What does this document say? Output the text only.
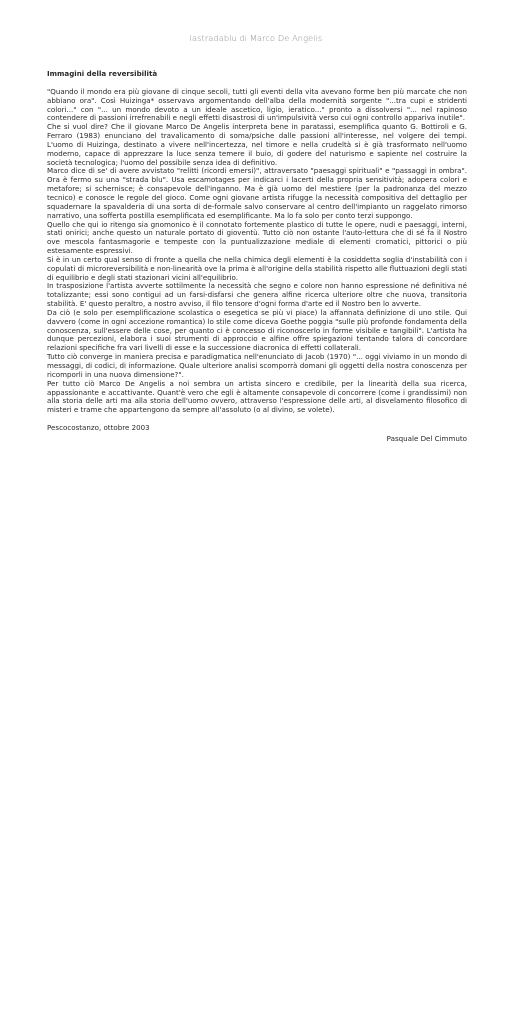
lastradablu di Marco De Angelis
Immagini della reversibilità

"Quando il mondo era più giovane di cinque secoli, tutti gli eventi della vita avevano forme ben più marcate che non abbiano ora". Così Huizinga* osservava argomentando dell'alba della modernità sorgente "...tra cupi e stridenti colori..." con "... un mondo devoto a un ideale ascetico, ligio, ieratico..." pronto a dissolversi "... nel rapinoso contendere di passioni irrefrenabili e negli effetti disastrosi di un'impulsività verso cui ogni controllo appariva inutile".

Che si vuol dire? Che il giovane Marco De Angelis interpreta bene in paratassi, esemplifica quanto G. Bottiroli e G. Ferraro (1983) enunciano del travalicamento di soma/psiche dalle passioni all'interesse, nel volgere dei tempi. L'uomo di Huizinga, destinato a vivere nell'incertezza, nel timore e nella crudeltà si è già trasformato nell'uomo moderno, capace di apprezzare la luce senza temere il buio, di godere del naturismo e sapiente nel costruire la società tecnologica; l'uomo del possibile senza idea di definitivo.

Marco dice di se' di avere avvistato "relitti (ricordi emersi)", attraversato "paesaggi spirituali" e "passaggi in ombra". Ora è fermo su una "strada blu". Usa escamotages per indicarci i lacerti della propria sensitività; adopera colori e metafore; si schernisce; è consapevole dell'inganno. Ma è già uomo del mestiere (per la padronanza del mezzo tecnico) e conosce le regole del gioco. Come ogni giovane artista rifugge la necessità compositiva del dettaglio per squadernare la spavalderia di una sorta di de-formale salvo conservare al centro dell'impianto un raggelato rimorso narrativo, una sofferta postilla esemplificata ed esemplificante. Ma lo fa solo per conto terzi suppongo.

Quello che qui io ritengo sia gnomonico è il connotato fortemente plastico di tutte le opere, nudi e paesaggi, interni, stati onirici; anche questo un naturale portato di gioventù. Tutto ciò non ostante l'auto-lettura che di sé fa il Nostro ove mescola fantasmagorie e tempeste con la puntualizzazione mediale di elementi cromatici, pittorici o più estesamente espressivi.

Si è in un certo qual senso di fronte a quella che nella chimica degli elementi è la cosiddetta soglia d'instabilità con i copulati di microreversibilità e non-linearità ove la prima è all'origine della stabilità rispetto alle fluttuazioni degli stati di equilibrio e degli stati stazionari vicini all'equilibrio.

In trasposizione l'artista avverte sottilmente la necessità che segno e colore non hanno espressione né definitiva né totalizzante; essi sono contigui ad un farsi-disfarsi che genera alfine ricerca ulteriore oltre che nuova, transitoria stabilità. E' questo peraltro, a nostro avviso, il filo tensore d'ogni forma d'arte ed il Nostro ben lo avverte.

Da ciò (e solo per esemplificazione scolastica o esegetica se più vi piace) la affannata definizione di uno stile. Qui davvero (come in ogni accezione romantica) lo stile come diceva Goethe poggia "sulle più profonde fondamenta della conoscenza, sull'essere delle cose, per quanto ci è concesso di riconoscerlo in forme visibile e tangibili". L'artista ha dunque percezioni, elabora i suoi strumenti di approccio e alfine offre spiegazioni tentando talora di concordare relazioni specifiche fra vari livelli di esse e la successione diacronica di effetti collaterali.

Tutto ciò converge in maniera precisa e paradigmatica nell'enunciato di Jacob (1970) "... oggi viviamo in un mondo di messaggi, di codici, di informazione. Quale ulteriore analisi scomporrà domani gli oggetti della nostra conoscenza per ricomporli in una nuova dimensione?".

Per tutto ciò Marco De Angelis a noi sembra un artista sincero e credibile, per la linearità della sua ricerca, appassionante e accattivante. Quant'è vero che egli è altamente consapevole di concorrere (come i grandissimi) non alla storia delle arti ma alla storia dell'uomo ovvero, attraverso l'espressione delle arti, al disvelamento filosofico di misteri e trame che appartengono da sempre all'assoluto (o al divino, se volete).

Pescocostanzo, ottobre 2003
Pasquale Del Cimmuto
